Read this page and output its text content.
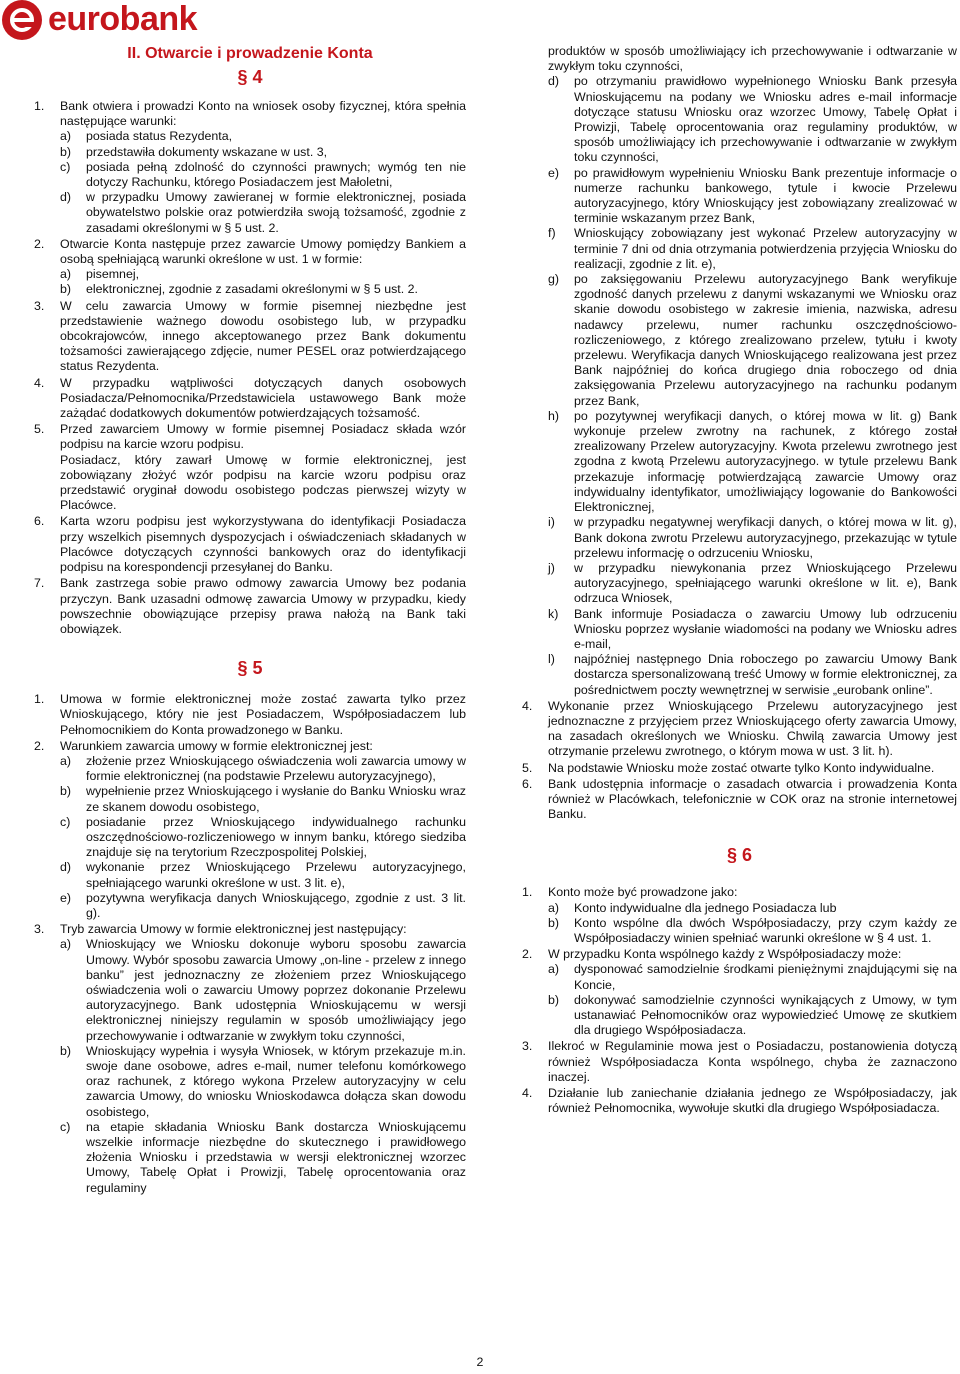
eurobank
II. Otwarcie i prowadzenie Konta
§ 4
1.	Bank otwiera i prowadzi Konto na wniosek osoby fizycznej, która spełnia następujące warunki:
a)	posiada status Rezydenta,
b)	przedstawiła dokumenty wskazane w ust. 3,
c)	posiada pełną zdolność do czynności prawnych; wymóg ten nie dotyczy Rachunku, którego Posiadaczem jest Małoletni,
d)	w przypadku Umowy zawieranej w formie elektronicznej, posiada obywatelstwo polskie oraz potwierdziła swoją tożsamość, zgodnie z zasadami określonymi w § 5 ust. 2.
2.	Otwarcie Konta następuje przez zawarcie Umowy pomiędzy Bankiem a osobą spełniającą warunki określone w ust. 1 w formie:
a)	pisemnej,
b)	elektronicznej, zgodnie z zasadami określonymi w § 5 ust. 2.
3.	W celu zawarcia Umowy w formie pisemnej niezbędne jest przedstawienie ważnego dowodu osobistego lub, w przypadku obcokrajowców, innego akceptowanego przez Bank dokumentu tożsamości zawierającego zdjęcie, numer PESEL oraz potwierdzającego status Rezydenta.
4.	W przypadku wątpliwości dotyczących danych osobowych Posiadacza/Pełnomocnika/Przedstawiciela ustawowego Bank może zażądać dodatkowych dokumentów potwierdzających tożsamość.
5.	Przed zawarciem Umowy w formie pisemnej Posiadacz składa wzór podpisu na karcie wzoru podpisu.
Posiadacz, który zawarł Umowę w formie elektronicznej, jest zobowiązany złożyć wzór podpisu na karcie wzoru podpisu oraz przedstawić oryginał dowodu osobistego podczas pierwszej wizyty w Placówce.
6.	Karta wzoru podpisu jest wykorzystywana do identyfikacji Posiadacza przy wszelkich pisemnych dyspozycjach i oświadczeniach składanych w Placówce dotyczących czynności bankowych oraz do identyfikacji podpisu na korespondencji przesyłanej do Banku.
7.	Bank zastrzega sobie prawo odmowy zawarcia Umowy bez podania przyczyn. Bank uzasadni odmowę zawarcia Umowy w przypadku, kiedy powszechnie obowiązujące przepisy prawa nałożą na Bank taki obowiązek.
§ 5
1.	Umowa w formie elektronicznej może zostać zawarta tylko przez Wnioskującego, który nie jest Posiadaczem, Współposiadaczem lub Pełnomocnikiem do Konta prowadzonego w Banku.
2.	Warunkiem zawarcia umowy w formie elektronicznej jest:
a)	złożenie przez Wnioskującego oświadczenia woli zawarcia umowy w formie elektronicznej (na podstawie Przelewu autoryzacyjnego),
b)	wypełnienie przez Wnioskującego i wysłanie do Banku Wniosku wraz ze skanem dowodu osobistego,
c)	posiadanie przez Wnioskującego indywidualnego rachunku oszczędnościowo-rozliczeniowego w innym banku, którego siedziba znajduje się na terytorium Rzeczpospolitej Polskiej,
d)	wykonanie przez Wnioskującego Przelewu autoryzacyjnego, spełniającego warunki określone w ust. 3 lit. e),
e)	pozytywna weryfikacja danych Wnioskującego, zgodnie z ust. 3 lit. g).
3.	Tryb zawarcia Umowy w formie elektronicznej jest następujący:
a)	Wnioskujący we Wniosku dokonuje wyboru sposobu zawarcia Umowy. Wybór sposobu zawarcia Umowy „on-line - przelew z innego banku” jest jednoznaczny ze złożeniem przez Wnioskującego oświadczenia woli o zawarciu Umowy poprzez dokonanie Przelewu autoryzacyjnego. Bank udostępnia Wnioskującemu w wersji elektronicznej niniejszy regulamin w sposób umożliwiający jego przechowywanie i odtwarzanie w zwykłym toku czynności,
b)	Wnioskujący wypełnia i wysyła Wniosek, w którym przekazuje m.in. swoje dane osobowe, adres e-mail, numer telefonu komórkowego oraz rachunek, z którego wykona Przelew autoryzacyjny w celu zawarcia Umowy, do wniosku Wnioskodawca dołącza skan dowodu osobistego,
c)	na etapie składania Wniosku Bank dostarcza Wnioskującemu wszelkie informacje niezbędne do skutecznego i prawidłowego złożenia Wniosku i przedstawia w wersji elektronicznej wzorzec Umowy, Tabelę Opłat i Prowizji, Tabelę oprocentowania oraz regulaminy
produktów w sposób umożliwiający ich przechowywanie i odtwarzanie w zwykłym toku czynności,
d)	po otrzymaniu prawidłowo wypełnionego Wniosku Bank przesyła Wnioskującemu na podany we Wniosku adres e-mail informacje dotyczące statusu Wniosku oraz wzorzec Umowy, Tabelę Opłat i Prowizji, Tabelę oprocentowania oraz regulaminy produktów, w sposób umożliwiający ich przechowywanie i odtwarzanie w zwykłym toku czynności,
e)	po prawidłowym wypełnieniu Wniosku Bank prezentuje informacje o numerze rachunku bankowego, tytule i kwocie Przelewu autoryzacyjnego, który Wnioskujący jest zobowiązany zrealizować w terminie wskazanym przez Bank,
f)	Wnioskujący zobowiązany jest wykonać Przelew autoryzacyjny w terminie 7 dni od dnia otrzymania potwierdzenia przyjęcia Wniosku do realizacji, zgodnie z lit. e),
g)	po zaksięgowaniu Przelewu autoryzacyjnego Bank weryfikuje zgodność danych przelewu z danymi wskazanymi we Wniosku oraz skanie dowodu osobistego w zakresie imienia, nazwiska, adresu nadawcy przelewu, numer rachunku oszczędnościowo-rozliczeniowego, z którego zrealizowano przelew, tytułu i kwoty przelewu. Weryfikacja danych Wnioskującego realizowana jest przez Bank najpóźniej do końca drugiego dnia roboczego od dnia zaksięgowania Przelewu autoryzacyjnego na rachunku podanym przez Bank,
h)	po pozytywnej weryfikacji danych, o której mowa w lit. g) Bank wykonuje przelew zwrotny na rachunek, z którego został zrealizowany Przelew autoryzacyjny. Kwota przelewu zwrotnego jest zgodna z kwotą Przelewu autoryzacyjnego. w tytule przelewu Bank przekazuje informację potwierdzającą zawarcie Umowy oraz indywidualny identyfikator, umożliwiający logowanie do Bankowości Elektronicznej,
i)	w przypadku negatywnej weryfikacji danych, o której mowa w lit. g), Bank dokona zwrotu Przelewu autoryzacyjnego, przekazując w tytule przelewu informację o odrzuceniu Wniosku,
j)	w przypadku niewykonania przez Wnioskującego Przelewu autoryzacyjnego, spełniającego warunki określone w lit. e), Bank odrzuca Wniosek,
k)	Bank informuje Posiadacza o zawarciu Umowy lub odrzuceniu Wniosku poprzez wysłanie wiadomości na podany we Wniosku adres e-mail,
l)	najpóźniej następnego Dnia roboczego po zawarciu Umowy Bank dostarcza spersonalizowaną treść Umowy w formie elektronicznej, za pośrednictwem poczty wewnętrznej w serwisie „eurobank online”.
4.	Wykonanie przez Wnioskującego Przelewu autoryzacyjnego jest jednoznaczne z przyjęciem przez Wnioskującego oferty zawarcia Umowy, na zasadach określonych we Wniosku. Chwilą zawarcia Umowy jest otrzymanie przelewu zwrotnego, o którym mowa w ust. 3 lit. h).
5.	Na podstawie Wniosku może zostać otwarte tylko Konto indywidualne.
6.	Bank udostępnia informacje o zasadach otwarcia i prowadzenia Konta również w Placówkach, telefonicznie w COK oraz na stronie internetowej Banku.
§ 6
1.	Konto może być prowadzone jako:
a)	Konto indywidualne dla jednego Posiadacza lub
b)	Konto wspólne dla dwóch Współposiadaczy, przy czym każdy ze Współposiadaczy winien spełniać warunki określone w § 4 ust. 1.
2.	W przypadku Konta wspólnego każdy z Współposiadaczy może:
a)	dysponować samodzielnie środkami pieniężnymi znajdującymi się na Koncie,
b)	dokonywać samodzielnie czynności wynikających z Umowy, w tym ustanawiać Pełnomocników oraz wypowiedzieć Umowę ze skutkiem dla drugiego Współposiadacza.
3.	Ilekroć w Regulaminie mowa jest o Posiadaczu, postanowienia dotyczą również Współposiadacza Konta wspólnego, chyba że zaznaczono inaczej.
4.	Działanie lub zaniechanie działania jednego ze Współposiadaczy, jak również Pełnomocnika, wywołuje skutki dla drugiego Współposiadacza.
2
